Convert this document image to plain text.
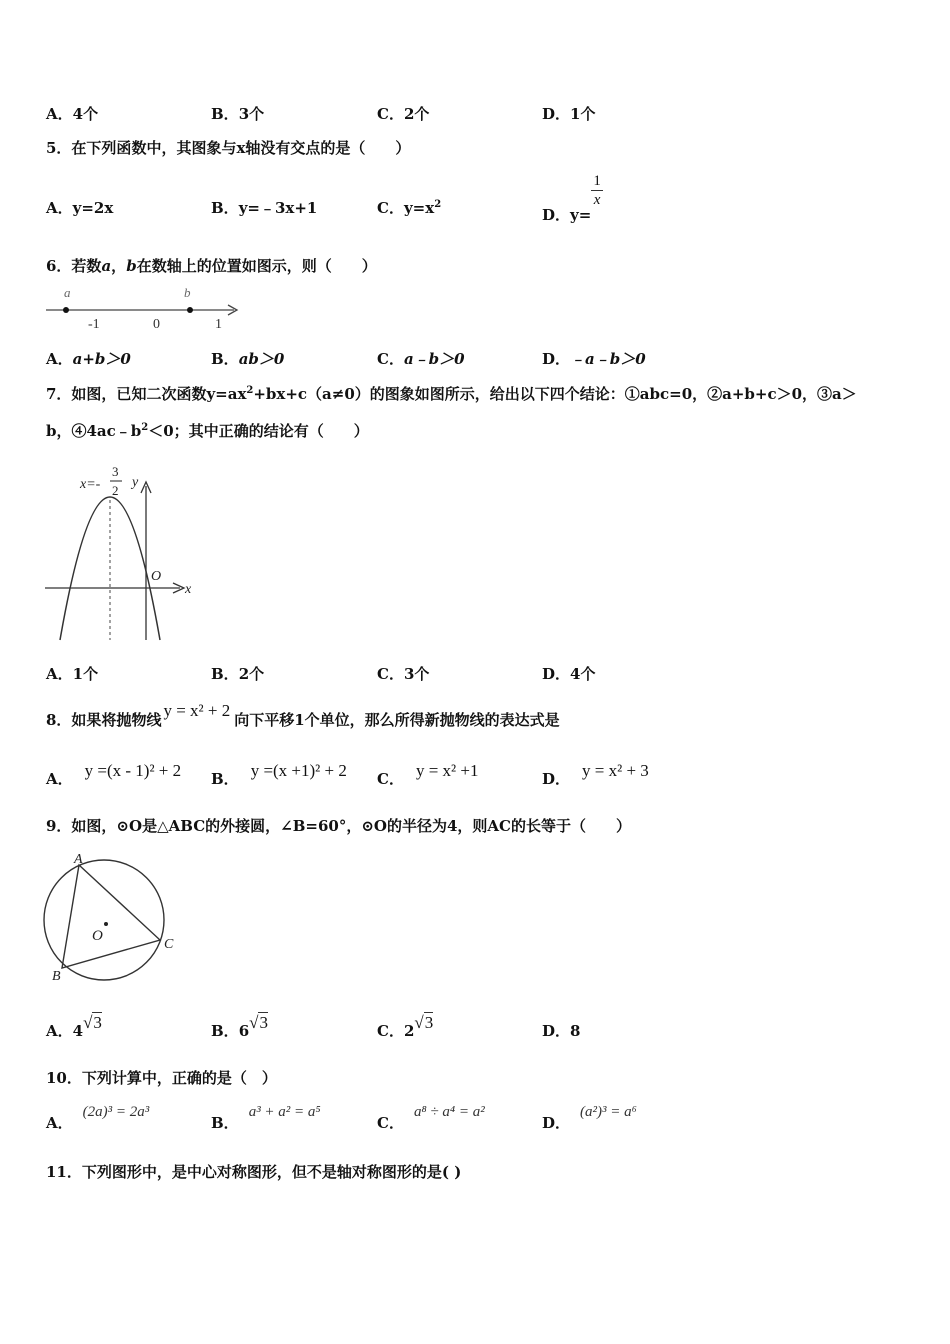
A．4个	B．3个	C．2个	D．1个
5．在下列函数中，其图象与x轴没有交点的是（　　）
A．y=2x	B．y=﹣3x+1	C．$y=x^2$
D．y=
$\frac{1}{x}$
6．若数a，b在数轴上的位置如图示，则（　　）
a	b
-1	0	1
A．a+b＞0	B．ab＞0	C．a﹣b＞0	D．﹣a﹣b＞0
7．如图，已知二次函数$y=ax^2+bx+c(a\ne 0)$的图象如图所示，给出以下四个结论：①abc=0，②a+b+c＞0，③a＞
b，$④4ac﹣b^2<0$；其中正确的结论有（　　）
x=-
3
2
y
x
O
A．1个	B．2个	C．3个	D．4个
8．如果将抛物线 y = x² + 2 向下平移1个单位，那么所得新抛物线的表达式是
A． y =(x - 1)² + 2 B． y =(x +1)² + 2 C． y = x² +1	D． y = x² + 3
9．如图，⊙O是△ABC的外接圆，∠B=60°，⊙O的半径为4，则AC的长等于（　　）
A
B
C
O
A．4√3	B．6√3	C．2√3	D．8
10．下列计算中，正确的是（　）
A．(2a)³ = 2a³
B．a³ + a² = a⁵
C．a⁸ ÷ a⁴ = a²
D．(a²)³ = a⁶
11．下列图形中，是中心对称图形，但不是轴对称图形的是( )
